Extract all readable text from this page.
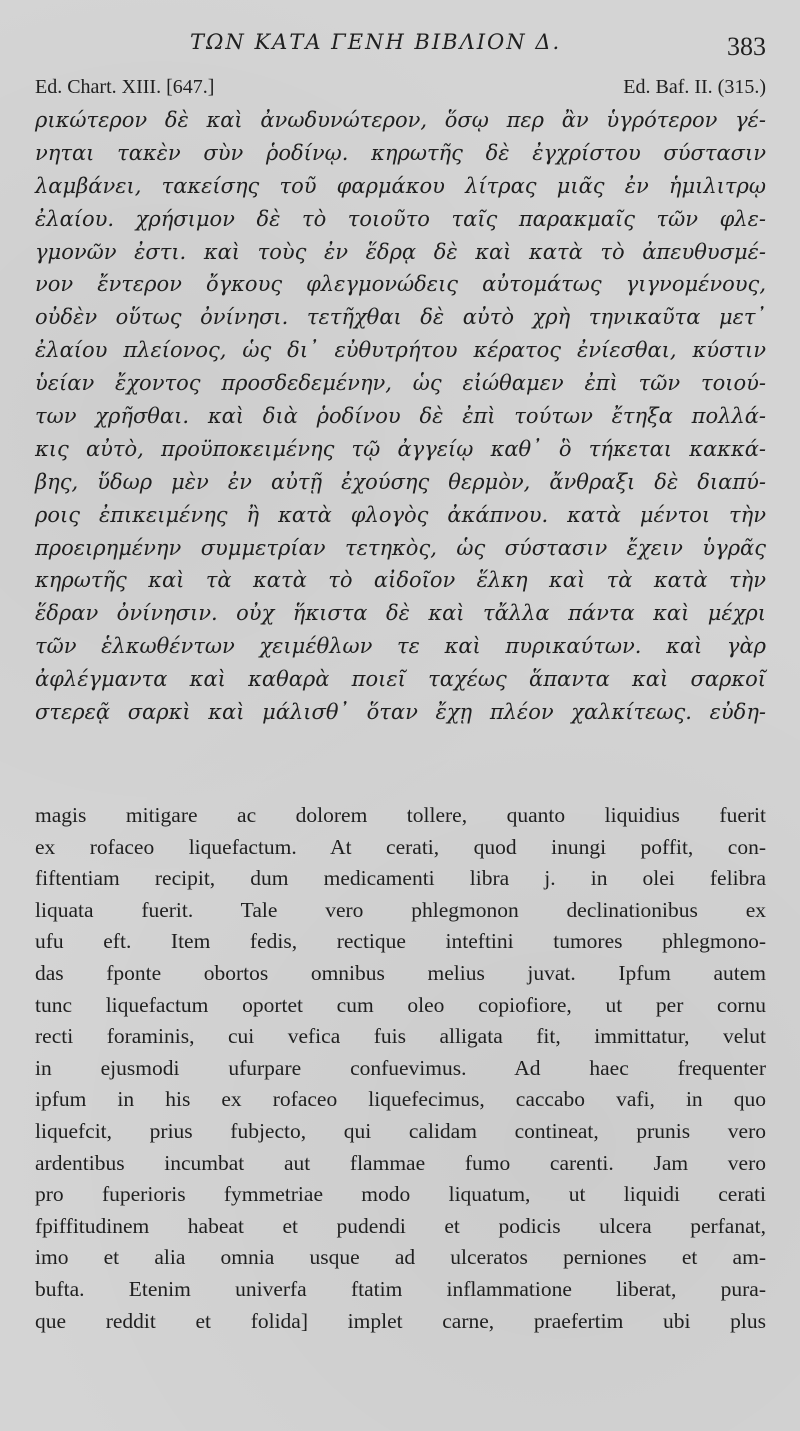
ΤΩΝ ΚΑΤΑ ΓΕΝΗ ΒΙΒΛΙΟΝ Δ.	383
Ed. Chart. XIII. [647.]	Ed. Baf. II. (315.)
ρικώτερον δὲ καὶ ἀνωδυνώτερον, ὅσῳ περ ἂν ὑγρότερον γέ-
νηται τακὲν σὺν ῥοδίνῳ. κηρωτῆς δὲ ἐγχρίστου σύστασιν
λαμβάνει, τακείσης τοῦ φαρμάκου λίτρας μιᾶς ἐν ἡμιλιτρῳ
ἐλαίου. χρήσιμον δὲ τὸ τοιοῦτο ταῖς παρακμαῖς τῶν φλε-
γμονῶν ἐστι. καὶ τοὺς ἐν ἕδρᾳ δὲ καὶ κατὰ τὸ ἀπευθυσμέ-
νον ἔντερον ὄγκους φλεγμονώδεις αὐτομάτως γιγνομένους,
οὐδὲν οὕτως ὀνίνησι. τετῆχθαι δὲ αὐτὸ χρὴ τηνικαῦτα μετ᾽
ἐλαίου πλείονος, ὡς δι᾽ εὐθυτρήτου κέρατος ἐνίεσθαι, κύστιν
ὑείαν ἔχοντος προσδεδεμένην, ὡς εἰώθαμεν ἐπὶ τῶν τοιού-
των χρῆσθαι. καὶ διὰ ῥοδίνου δὲ ἐπὶ τούτων ἔτηξα πολλά-
κις αὐτὸ, προϋποκειμένης τῷ ἀγγείῳ καθ᾽ ὃ τήκεται κακκά-
βης, ὕδωρ μὲν ἐν αὐτῇ ἐχούσης θερμὸν, ἄνθραξι δὲ διαπύ-
ροις ἐπικειμένης ἢ κατὰ φλογὸς ἀκάπνου. κατὰ μέντοι τὴν
προειρημένην συμμετρίαν τετηκὸς, ὡς σύστασιν ἔχειν ὑγρᾶς
κηρωτῆς καὶ τὰ κατὰ τὸ αἰδοῖον ἕλκη καὶ τὰ κατὰ τὴν
ἕδραν ὀνίνησιν. οὐχ ἥκιστα δὲ καὶ τἄλλα πάντα καὶ μέχρι
τῶν ἑλκωθέντων χειμέθλων τε καὶ πυρικαύτων. καὶ γὰρ
ἀφλέγμαντα καὶ καθαρὰ ποιεῖ ταχέως ἅπαντα καὶ σαρκοῖ
στερεᾷ σαρκὶ καὶ μάλισθ᾽ ὅταν ἔχῃ πλέον χαλκίτεως. εὐδη-
magis mitigare ac dolorem tollere, quanto liquidius fuerit
ex rofaceo liquefactum. At cerati, quod inungi poffit, con-
fiftentiam recipit, dum medicamenti libra j. in olei felibra
liquata fuerit. Tale vero phlegmonon declinationibus ex
ufu eft. Item fedis, rectique inteftini tumores phlegmono-
das fponte obortos omnibus melius juvat. Ipfum autem
tunc liquefactum oportet cum oleo copiofiore, ut per cornu
recti foraminis, cui vefica fuis alligata fit, immittatur, velut
in ejusmodi ufurpare confuevimus. Ad haec frequenter
ipfum in his ex rofaceo liquefecimus, caccabo vafi, in quo
liquefcit, prius fubjecto, qui calidam contineat, prunis vero
ardentibus incumbat aut flammae fumo carenti. Jam vero
pro fuperioris fymmetriae modo liquatum, ut liquidi cerati
fpiffitudinem habeat et pudendi et podicis ulcera perfanat,
imo et alia omnia usque ad ulceratos perniones et am-
bufta. Etenim univerfa ftatim inflammatione liberat, pura-
que reddit et folida] implet carne, praefertim ubi plus
